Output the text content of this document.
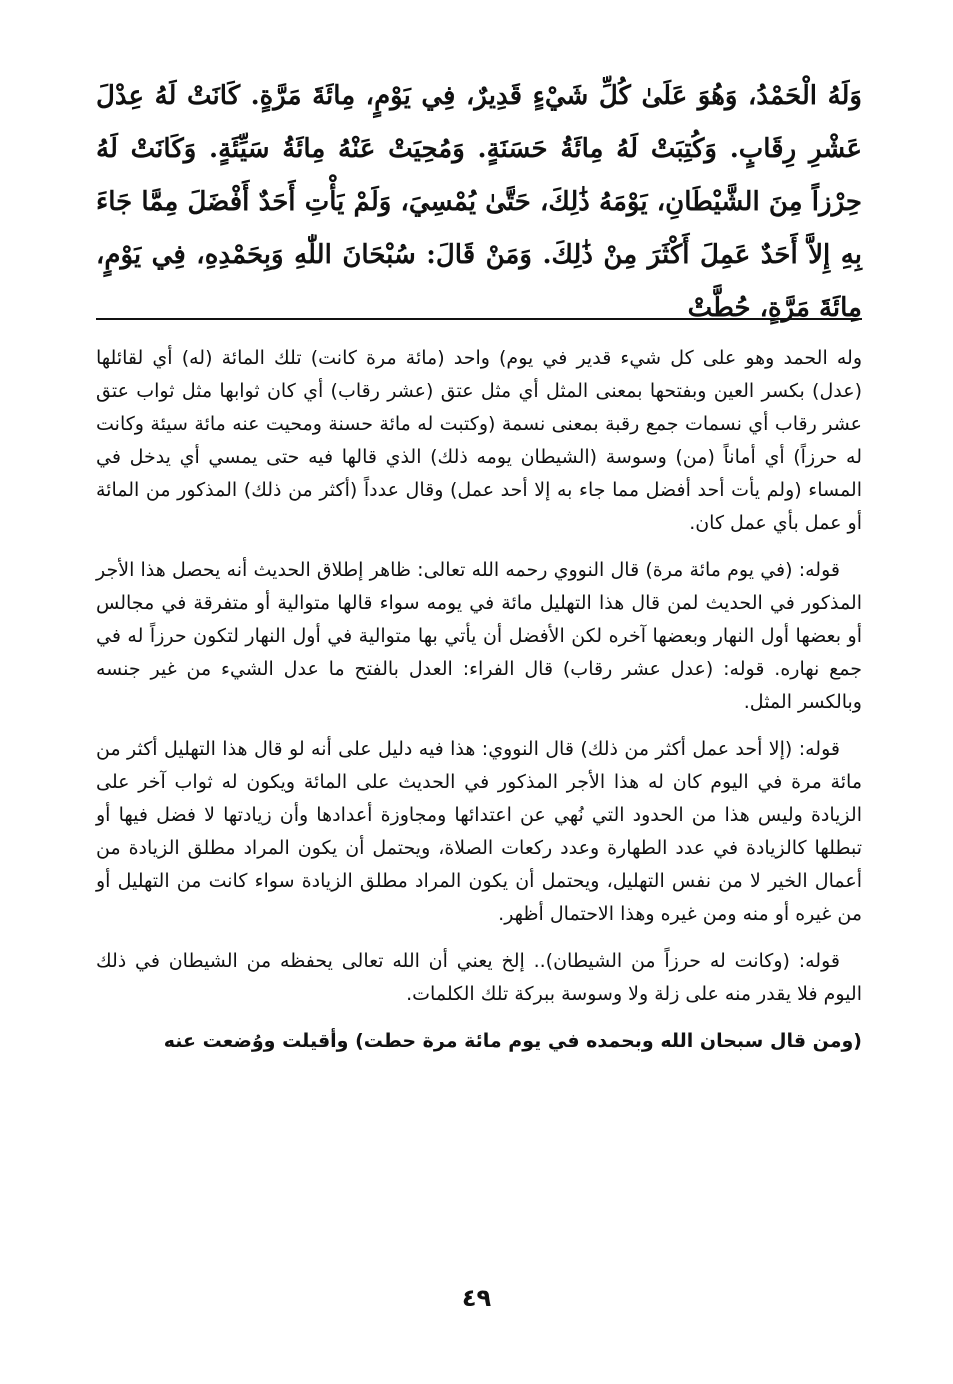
وَلَهُ الْحَمْدُ، وَهُوَ عَلَىٰ كُلِّ شَيْءٍ قَدِيرٌ، فِي يَوْمٍ، مِائَةَ مَرَّةٍ. كَانَتْ لَهُ عِدْلَ عَشْرِ رِقَابٍ. وَكُتِبَتْ لَهُ مِائَةُ حَسَنَةٍ. وَمُحِيَتْ عَنْهُ مِائَةُ سَيِّئَةٍ. وَكَانَتْ لَهُ حِرْزاً مِنَ الشَّيْطَانِ، يَوْمَهُ ذَٰلِكَ، حَتَّىٰ يُمْسِيَ، وَلَمْ يَأْتِ أَحَدٌ أَفْضَلَ مِمَّا جَاءَ بِهِ إِلاَّ أَحَدٌ عَمِلَ أَكْثَرَ مِنْ ذَٰلِكَ. وَمَنْ قَالَ: سُبْحَانَ اللّٰهِ وَبِحَمْدِهِ، فِي يَوْمٍ، مِائَةَ مَرَّةٍ، حُطَّتْ

وله الحمد وهو على كل شيء قدير في يوم) واحد (مائة مرة كانت) تلك المائة (له) أي لقائلها (عدل) بكسر العين وبفتحها بمعنى المثل أي مثل عتق (عشر رقاب) أي كان ثوابها مثل ثواب عتق عشر رقاب أي نسمات جمع رقبة بمعنى نسمة (وكتبت له مائة حسنة ومحيت عنه مائة سيئة وكانت له حرزاً) أي أماناً (من) وسوسة (الشيطان يومه ذلك) الذي قالها فيه حتى يمسي أي يدخل في المساء (ولم يأت أحد أفضل مما جاء به إلا أحد عمل) وقال عدداً (أكثر من ذلك) المذكور من المائة أو عمل بأي عمل كان.

قوله: (في يوم مائة مرة) قال النووي رحمه الله تعالى: ظاهر إطلاق الحديث أنه يحصل هذا الأجر المذكور في الحديث لمن قال هذا التهليل مائة في يومه سواء قالها متوالية أو متفرقة في مجالس أو بعضها أول النهار وبعضها آخره لكن الأفضل أن يأتي بها متوالية في أول النهار لتكون حرزاً له في جمع نهاره. قوله: (عدل عشر رقاب) قال الفراء: العدل بالفتح ما عدل الشيء من غير جنسه وبالكسر المثل.

قوله: (إلا أحد عمل أكثر من ذلك) قال النووي: هذا فيه دليل على أنه لو قال هذا التهليل أكثر من مائة مرة في اليوم كان له هذا الأجر المذكور في الحديث على المائة ويكون له ثواب آخر على الزيادة وليس هذا من الحدود التي نُهي عن اعتدائها ومجاوزة أعدادها وأن زيادتها لا فضل فيها أو تبطلها كالزيادة في عدد الطهارة وعدد ركعات الصلاة، ويحتمل أن يكون المراد مطلق الزيادة من أعمال الخير لا من نفس التهليل، ويحتمل أن يكون المراد مطلق الزيادة سواء كانت من التهليل أو من غيره أو منه ومن غيره وهذا الاحتمال أظهر.

قوله: (وكانت له حرزاً من الشيطان).. إلخ يعني أن الله تعالى يحفظه من الشيطان في ذلك اليوم فلا يقدر منه على زلة ولا وسوسة ببركة تلك الكلمات.

(ومن قال سبحان الله وبحمده في يوم مائة مرة حطت) وأقيلت ووُضعت عنه

٤٩
